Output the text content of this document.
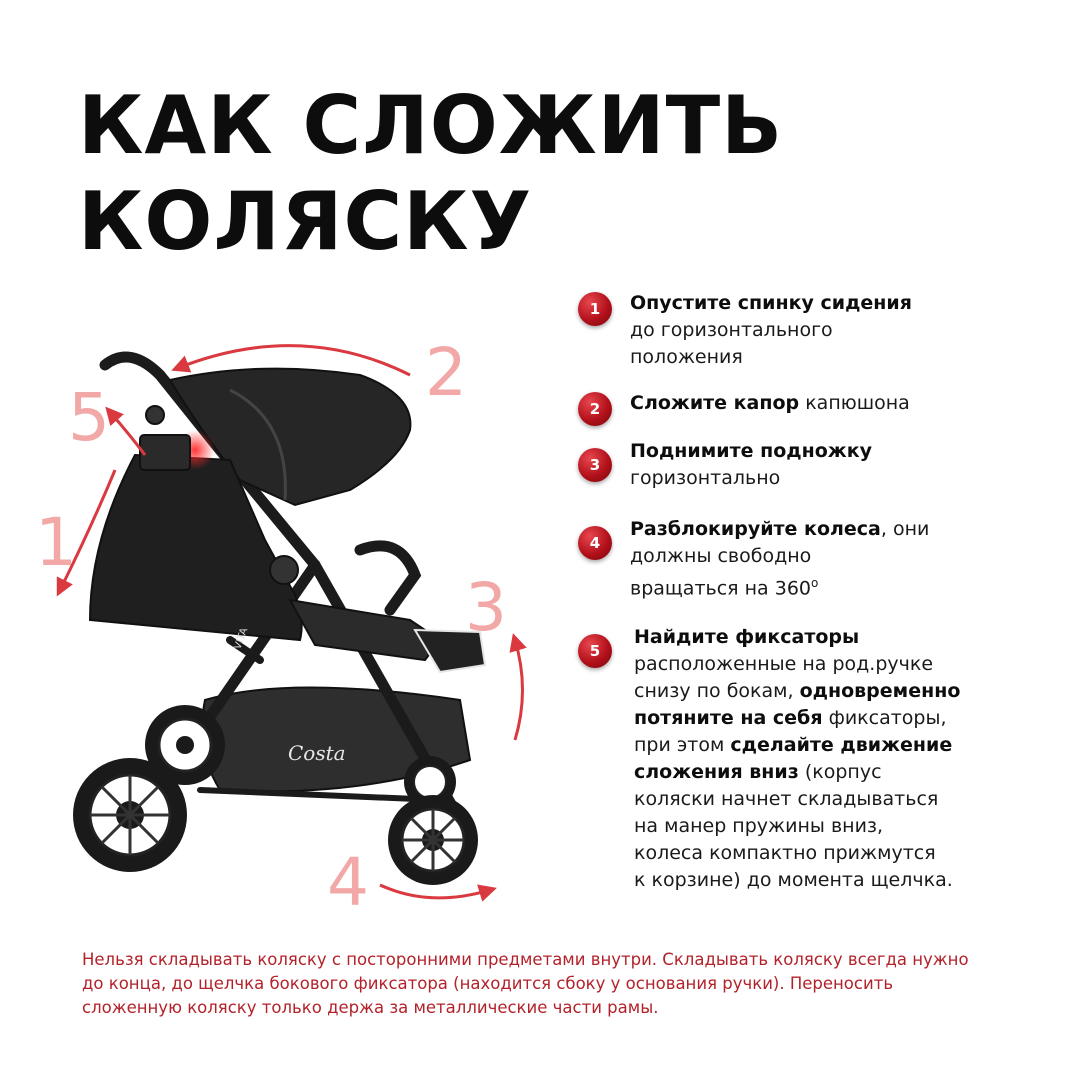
КАК СЛОЖИТЬ
КОЛЯСКУ
Costa
VITA
1
2
3
4
5
1	Опустите спинку сидения
до горизонтального
положения
2	Сложите капор капюшона
3
Поднимите подножку
горизонтально
4
Разблокируйте колеса, они
должны свободно
вращаться на $360^о$
5
Найдите фиксаторы
расположенные на род.ручке
снизу по бокам, одновременно
потяните на себя фиксаторы,
при этом сделайте движение
сложения вниз (корпус
коляски начнет складываться
на манер пружины вниз,
колеса компактно прижмутся
к корзине) до момента щелчка.

Нельзя складывать коляску с посторонними предметами внутри. Складывать коляску всегда нужно до конца, до щелчка бокового фиксатора (находится сбоку у основания ручки). Переносить сложенную коляску только держа за металлические части рамы.
